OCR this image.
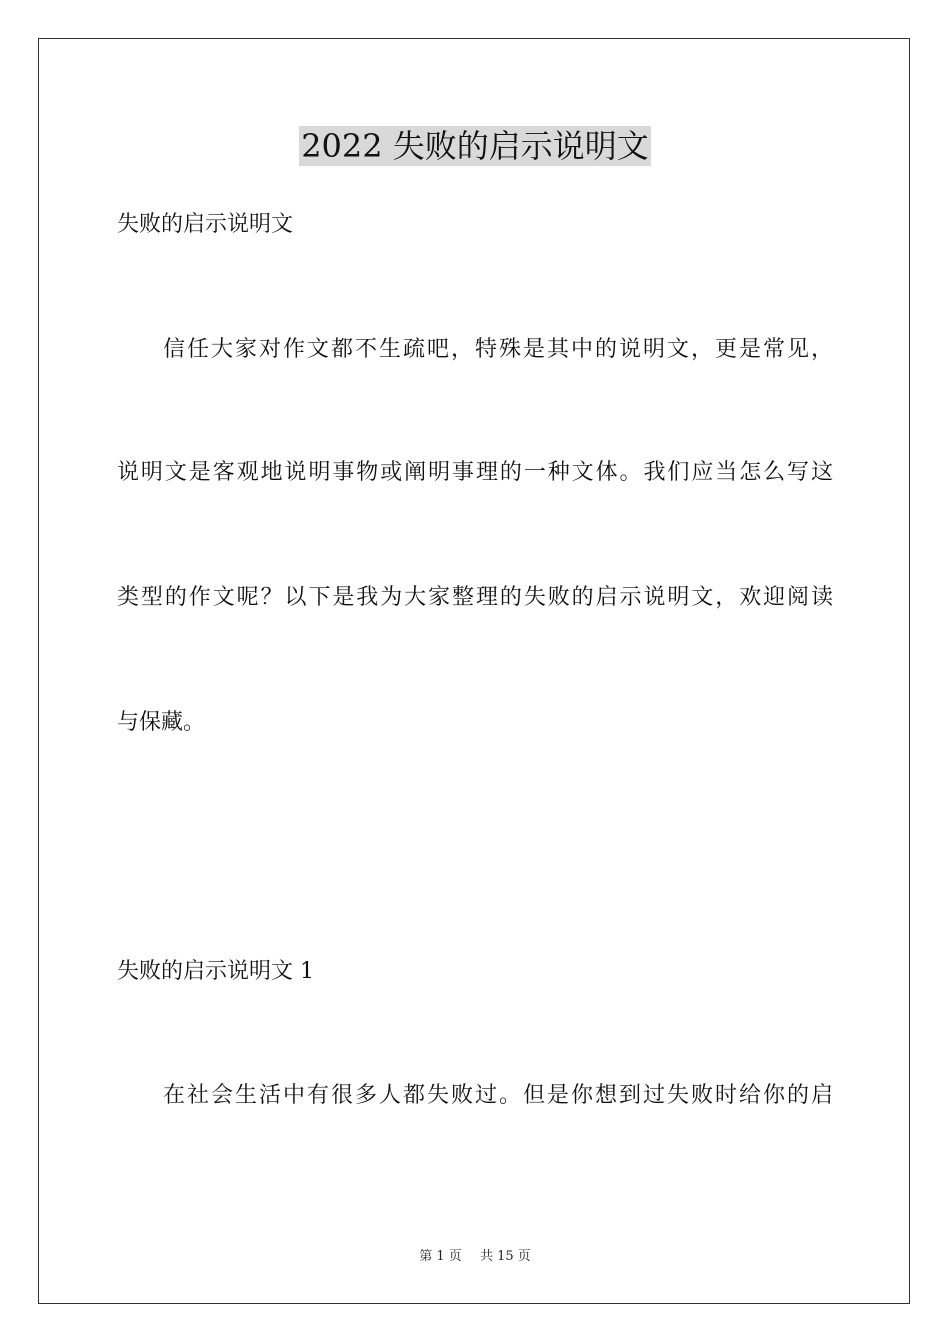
2022 失败的启示说明文
失败的启示说明文
信任大家对作文都不生疏吧，特殊是其中的说明文，更是常见，
说明文是客观地说明事物或阐明事理的一种文体。我们应当怎么写这
类型的作文呢？以下是我为大家整理的失败的启示说明文，欢迎阅读
与保藏。
失败的启示说明文 1
在社会生活中有很多人都失败过。但是你想到过失败时给你的启
第 1 页 共 15 页
